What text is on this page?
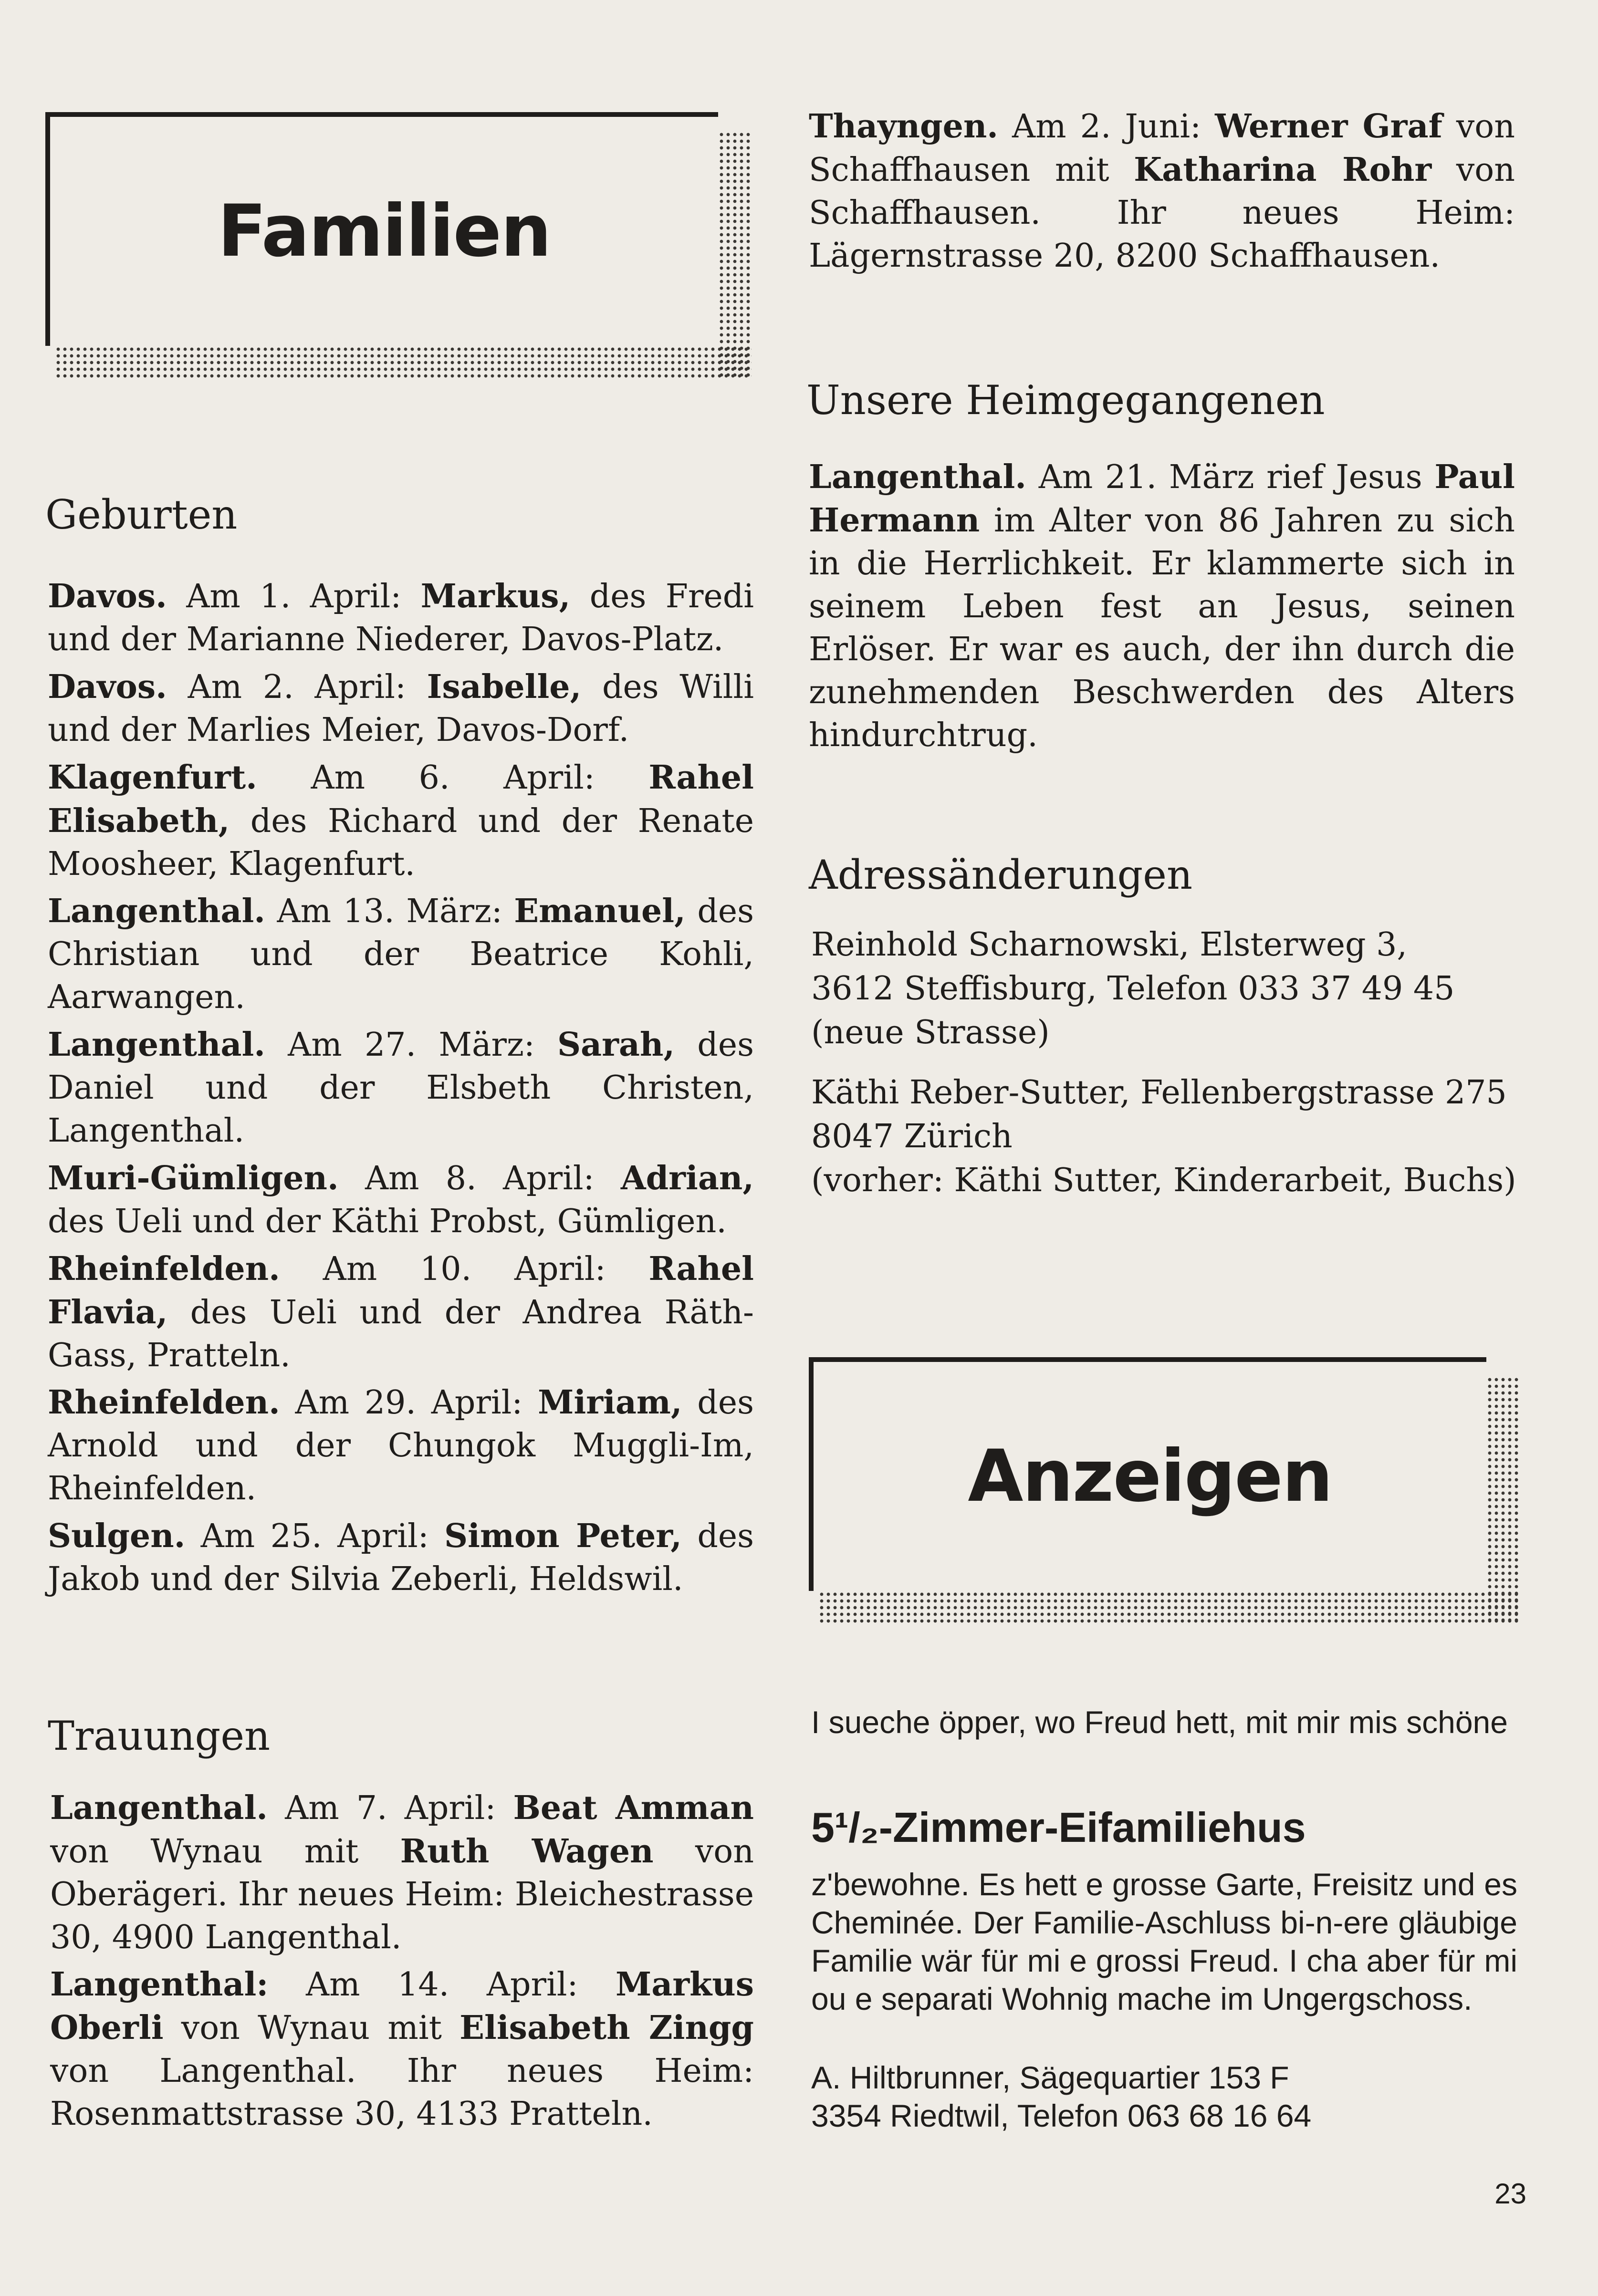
Familien
Geburten

Davos. Am 1. April: Markus, des Fredi und der Marianne Niederer, Davos-Platz.

Davos. Am 2. April: Isabelle, des Willi und der Marlies Meier, Davos-Dorf.

Klagenfurt. Am 6. April: Rahel Elisabeth, des Richard und der Renate Moosheer, Klagenfurt.

Langenthal. Am 13. März: Emanuel, des Christian und der Beatrice Kohli, Aarwangen.

Langenthal. Am 27. März: Sarah, des Daniel und der Elsbeth Christen, Langenthal.

Muri-Gümligen. Am 8. April: Adrian, des Ueli und der Käthi Probst, Gümligen.

Rheinfelden. Am 10. April: Rahel Flavia, des Ueli und der Andrea Räth-Gass, Pratteln.

Rheinfelden. Am 29. April: Miriam, des Arnold und der Chungok Muggli-Im, Rheinfelden.

Sulgen. Am 25. April: Simon Peter, des Jakob und der Silvia Zeberli, Heldswil.

Trauungen

Langenthal. Am 7. April: Beat Amman von Wynau mit Ruth Wagen von Oberägeri. Ihr neues Heim: Bleichestrasse 30, 4900 Langenthal.

Langenthal: Am 14. April: Markus Oberli von Wynau mit Elisabeth Zingg von Langenthal. Ihr neues Heim: Rosenmattstrasse 30, 4133 Pratteln.

Thayngen. Am 2. Juni: Werner Graf von Schaffhausen mit Katharina Rohr von Schaffhausen. Ihr neues Heim: Lägernstrasse 20, 8200 Schaffhausen.

Unsere Heimgegangenen

Langenthal. Am 21. März rief Jesus Paul Hermann im Alter von 86 Jahren zu sich in die Herrlichkeit. Er klammerte sich in seinem Leben fest an Jesus, seinen Erlöser. Er war es auch, der ihn durch die zunehmenden Beschwerden des Alters hindurchtrug.

Adressänderungen
Reinhold Scharnowski, Elsterweg 3,
3612 Steffisburg, Telefon 033 37 49 45
(neue Strasse)
Käthi Reber-Sutter, Fellenbergstrasse 275
8047 Zürich
(vorher: Käthi Sutter, Kinderarbeit, Buchs)
Anzeigen

I sueche öpper, wo Freud hett, mit mir mis schöne

5¹/₂-Zimmer-Eifamiliehus

z'bewohne. Es hett e grosse Garte, Freisitz und es Cheminée. Der Familie-Aschluss bi-n-ere gläubige Familie wär für mi e grossi Freud. I cha aber für mi ou e separati Wohnig mache im Ungergschoss.

A. Hiltbrunner, Sägequartier 153 F

3354 Riedtwil, Telefon 063 68 16 64

23
